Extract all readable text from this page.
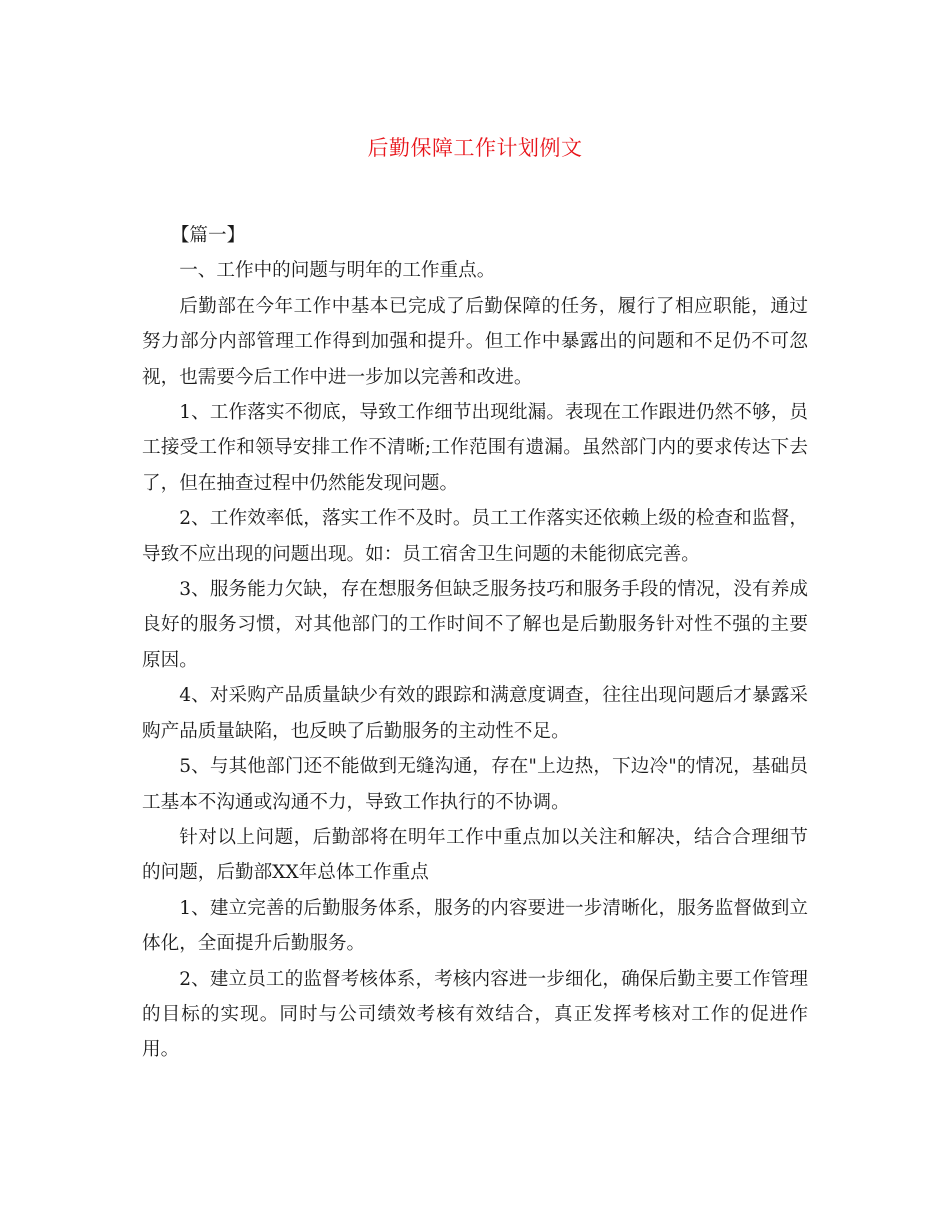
后勤保障工作计划例文

【篇一】

一、工作中的问题与明年的工作重点。

后勤部在今年工作中基本已完成了后勤保障的任务，履行了相应职能，通过努力部分内部管理工作得到加强和提升。但工作中暴露出的问题和不足仍不可忽视，也需要今后工作中进一步加以完善和改进。

1、工作落实不彻底，导致工作细节出现纰漏。表现在工作跟进仍然不够，员工接受工作和领导安排工作不清晰;工作范围有遗漏。虽然部门内的要求传达下去了，但在抽查过程中仍然能发现问题。

2、工作效率低，落实工作不及时。员工工作落实还依赖上级的检查和监督，导致不应出现的问题出现。如：员工宿舍卫生问题的未能彻底完善。

3、服务能力欠缺，存在想服务但缺乏服务技巧和服务手段的情况，没有养成良好的服务习惯，对其他部门的工作时间不了解也是后勤服务针对性不强的主要原因。

4、对采购产品质量缺少有效的跟踪和满意度调查，往往出现问题后才暴露采购产品质量缺陷，也反映了后勤服务的主动性不足。

5、与其他部门还不能做到无缝沟通，存在"上边热，下边冷"的情况，基础员工基本不沟通或沟通不力，导致工作执行的不协调。

针对以上问题，后勤部将在明年工作中重点加以关注和解决，结合合理细节的问题，后勤部XX年总体工作重点

1、建立完善的后勤服务体系，服务的内容要进一步清晰化，服务监督做到立体化，全面提升后勤服务。

2、建立员工的监督考核体系，考核内容进一步细化，确保后勤主要工作管理的目标的实现。同时与公司绩效考核有效结合，真正发挥考核对工作的促进作用。
